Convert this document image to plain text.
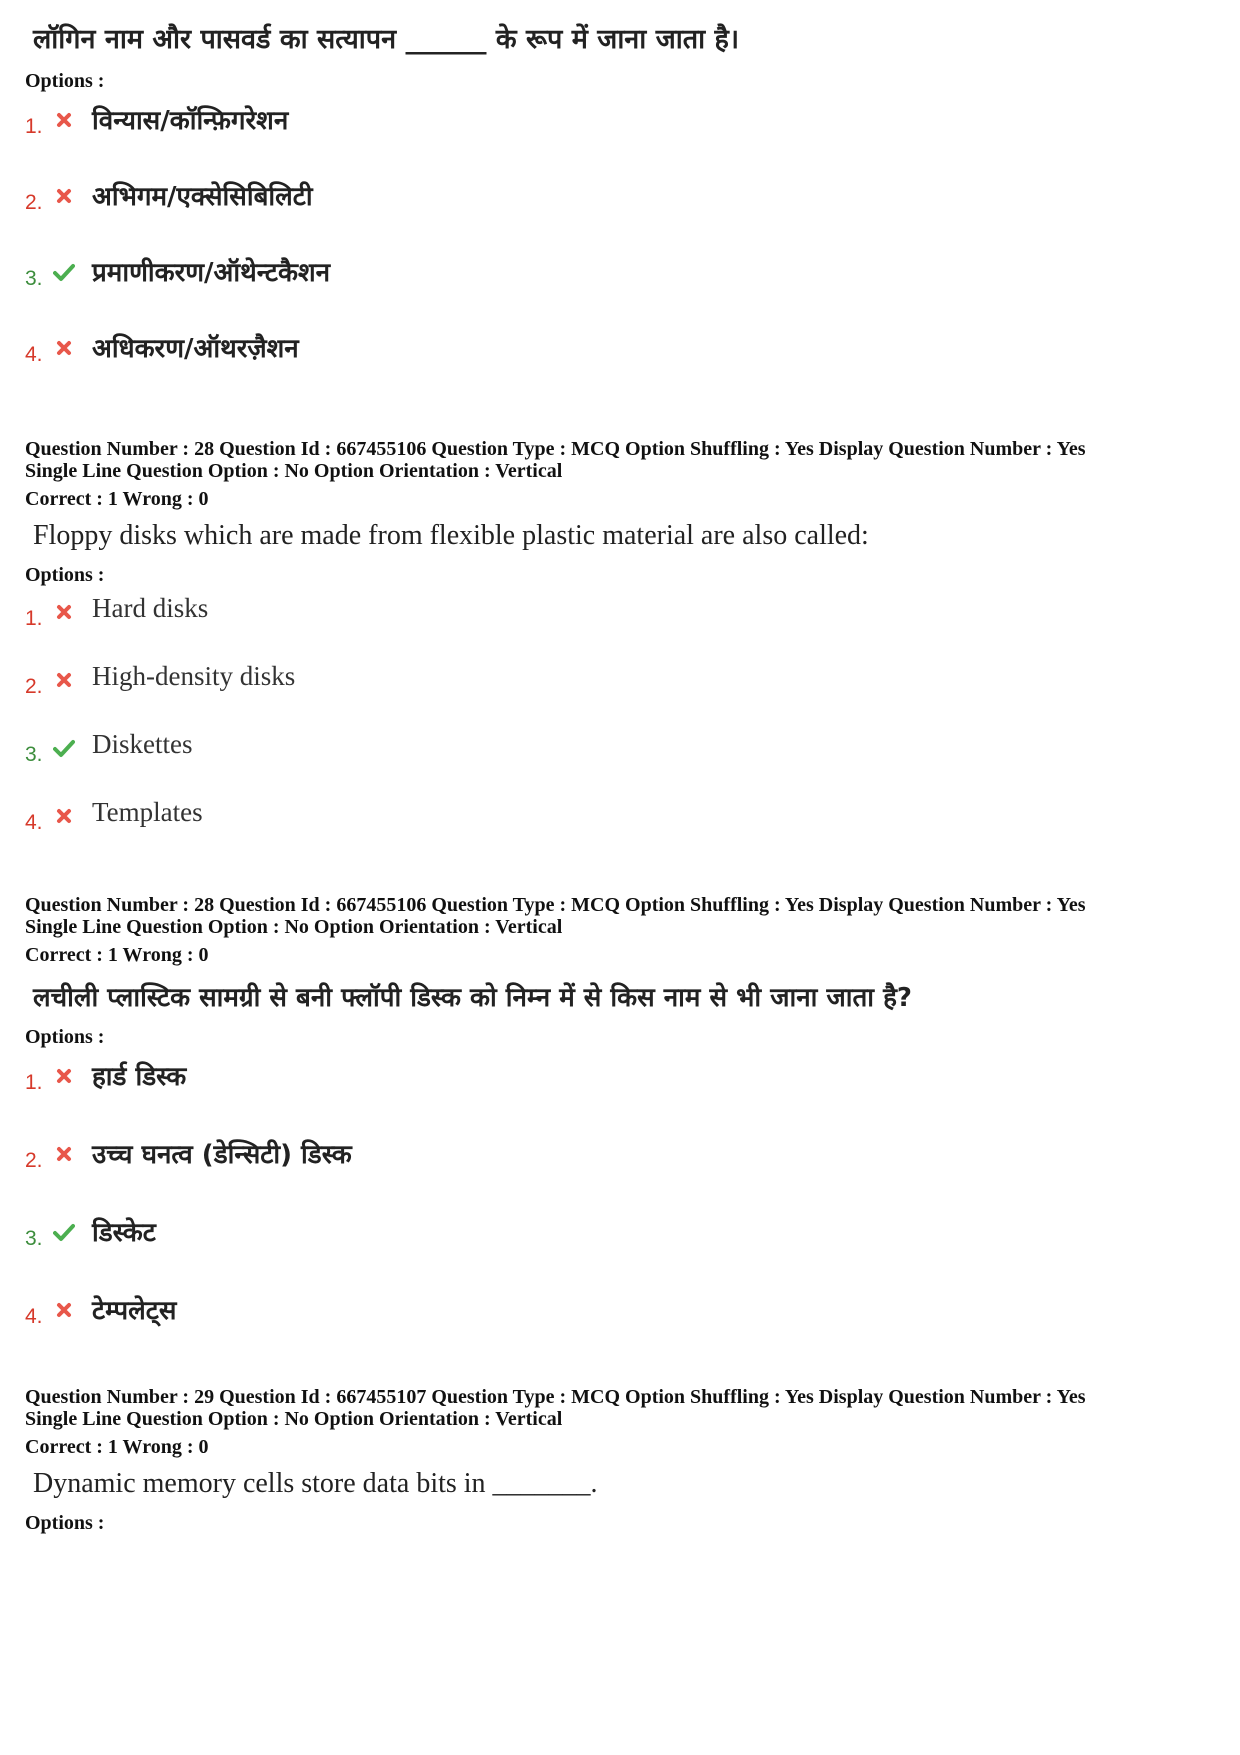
लॉगिन नाम और पासवर्ड का सत्यापन ______ के रूप में जाना जाता है।
Options :
1. विन्यास/कॉन्फ़िगरेशन
2. अभिगम/एक्सेसिबिलिटी
3. प्रमाणीकरण/ऑथेन्टकैशन
4. अधिकरण/ऑथरज़ैशन
Question Number : 28 Question Id : 667455106 Question Type : MCQ Option Shuffling : Yes Display Question Number : Yes
Single Line Question Option : No Option Orientation : Vertical
Correct : 1 Wrong : 0
Floppy disks which are made from flexible plastic material are also called:
Options :
1. Hard disks
2. High-density disks
3. Diskettes
4. Templates
Question Number : 28 Question Id : 667455106 Question Type : MCQ Option Shuffling : Yes Display Question Number : Yes
Single Line Question Option : No Option Orientation : Vertical
Correct : 1 Wrong : 0
लचीली प्लास्टिक सामग्री से बनी फ्लॉपी डिस्क को निम्न में से किस नाम से भी जाना जाता है?
Options :
1. हार्ड डिस्क
2. उच्च घनत्व (डेन्सिटी) डिस्क
3. डिस्केट
4. टेम्पलेट्स
Question Number : 29 Question Id : 667455107 Question Type : MCQ Option Shuffling : Yes Display Question Number : Yes
Single Line Question Option : No Option Orientation : Vertical
Correct : 1 Wrong : 0
Dynamic memory cells store data bits in _______.
Options :
